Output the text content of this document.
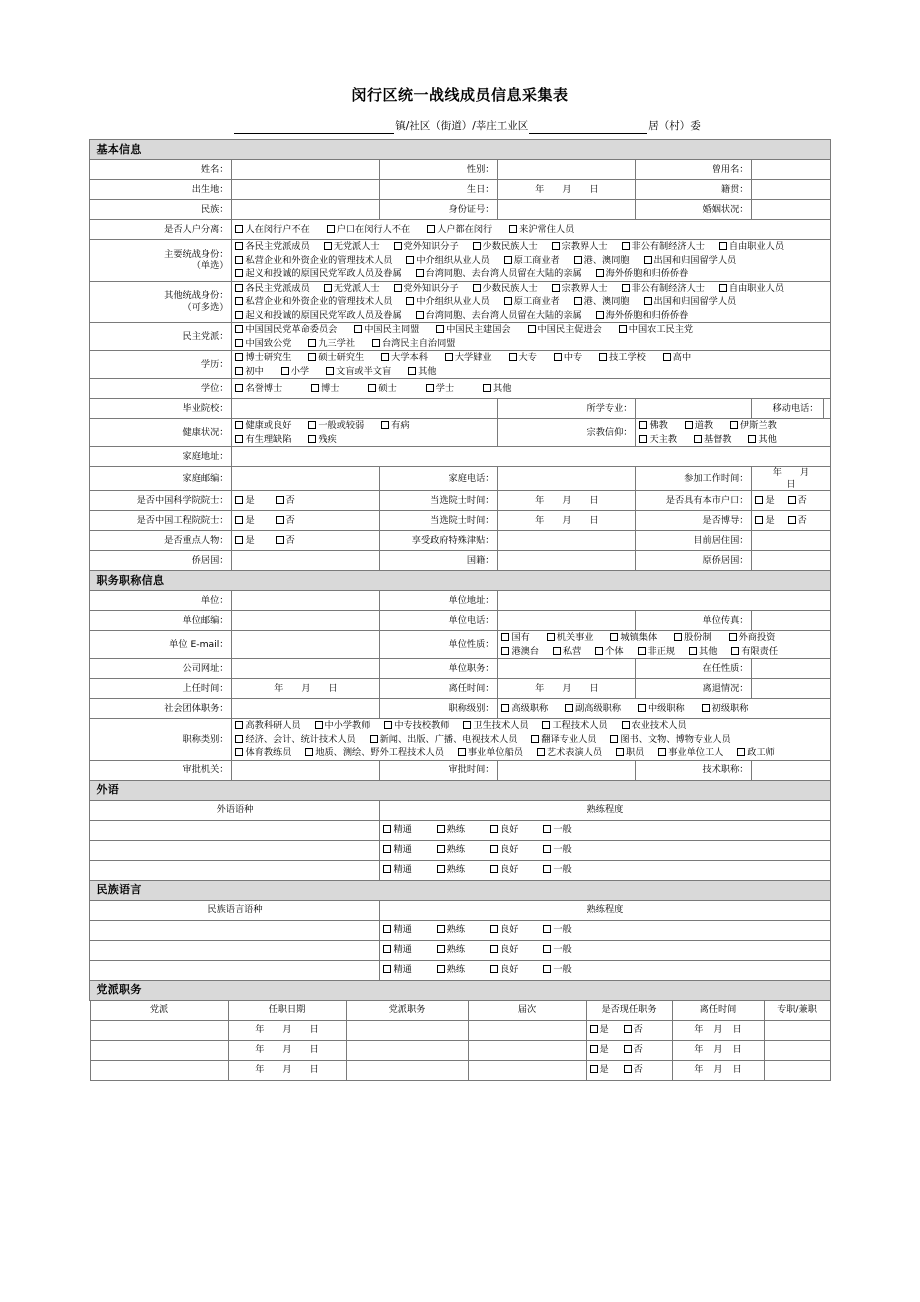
闵行区统一战线成员信息采集表
镇/社区（街道）/莘庄工业区	居（村）委
基本信息					
姓名：		性别：		曾用名：	
出生地：		生日：	年 月 日	籍贯：	
民族：		身份证号：		婚姻状况：	
是否人户分离：	人在闵行户不在 户口在闵行人不在 人户都在闵行 来沪常住人员				

主要统战身份：
（单选）	各民主党派成员 无党派人士 党外知识分子 少数民族人士 宗教界人士 非公有制经济人士 自由职业人员
私营企业和外资企业的管理技术人员 中介组织从业人员 原工商业者 港、澳同胞 出国和归国留学人员
起义和投诚的原国民党军政人员及眷属 台湾同胞、去台湾人员留在大陆的亲属 海外侨胞和归侨侨眷				

其他统战身份：
（可多选）	各民主党派成员 无党派人士 党外知识分子 少数民族人士 宗教界人士 非公有制经济人士 自由职业人员
私营企业和外资企业的管理技术人员 中介组织从业人员 原工商业者 港、澳同胞 出国和归国留学人员
起义和投诚的原国民党军政人员及眷属 台湾同胞、去台湾人员留在大陆的亲属 海外侨胞和归侨侨眷				

民主党派：	中国国民党革命委员会 中国民主同盟 中国民主建国会 中国民主促进会 中国农工民主党
中国致公党 九三学社 台湾民主自治同盟				

学历：	博士研究生 硕士研究生 大学本科 大学肄业 大专 中专 技工学校 高中
初中 小学 文盲或半文盲 其他				

学位：	名誉博士 博士 硕士 学士 其他				

毕业院校：			所学专业：		移动电话：

健康状况：	健康或良好 一般或较弱 有病
有生理缺陷 残疾		宗教信仰：	佛教 道教 伊斯兰教
天主教 基督教 其他	

家庭地址：					
家庭邮编：		家庭电话：		参加工作时间：	年 月日
是否中国科学院院士：	是 否	当选院士时间：	年 月 日	是否具有本市户口：	是 否
是否中国工程院院士：	是 否	当选院士时间：	年 月 日	是否博导：	是 否
是否重点人物：	是 否	享受政府特殊津贴：		目前居住国：	
侨居国：		国籍：		原侨居国：	
职务职称信息					
单位：		单位地址：			
单位邮编：		单位电话：		单位传真：	
单位 E-mail：		单位性质：	国有 机关事业 城镇集体 股份制 外商投资
港澳台 私营 个体 非正规 其他 有限责任		

公司网址：		单位职务：		在任性质：	
上任时间：	年 月 日	离任时间：	年 月 日	离退情况：	
社会团体职务：		职称级别：	高级职称 副高级职称 中级职称 初级职称		
职称类别：	高教科研人员 中小学教师 中专技校教师 卫生技术人员 工程技术人员 农业技术人员
经济、会计、统计技术人员 新闻、出版、广播、电视技术人员 翻译专业人员 图书、文物、博物专业人员
体育教练员 地质、测绘、野外工程技术人员 事业单位船员 艺术表演人员 职员 事业单位工人 政工师				

审批机关：		审批时间：		技术职称：	
外语					
外语语种		熟练程度			
		精通 熟练 良好 一般			
		精通 熟练 良好 一般			
		精通 熟练 良好 一般			
民族语言					
民族语言语种		熟练程度			
		精通 熟练 良好 一般			
		精通 熟练 良好 一般			
		精通 熟练 良好 一般			
党派职务					
党派	任职日期	党派职务	届次	是否现任职务	离任时间	专职/兼职
	年 月 日			是 否	年 月 日	
	年 月 日			是 否	年 月 日	
	年 月 日			是 否	年 月 日	
